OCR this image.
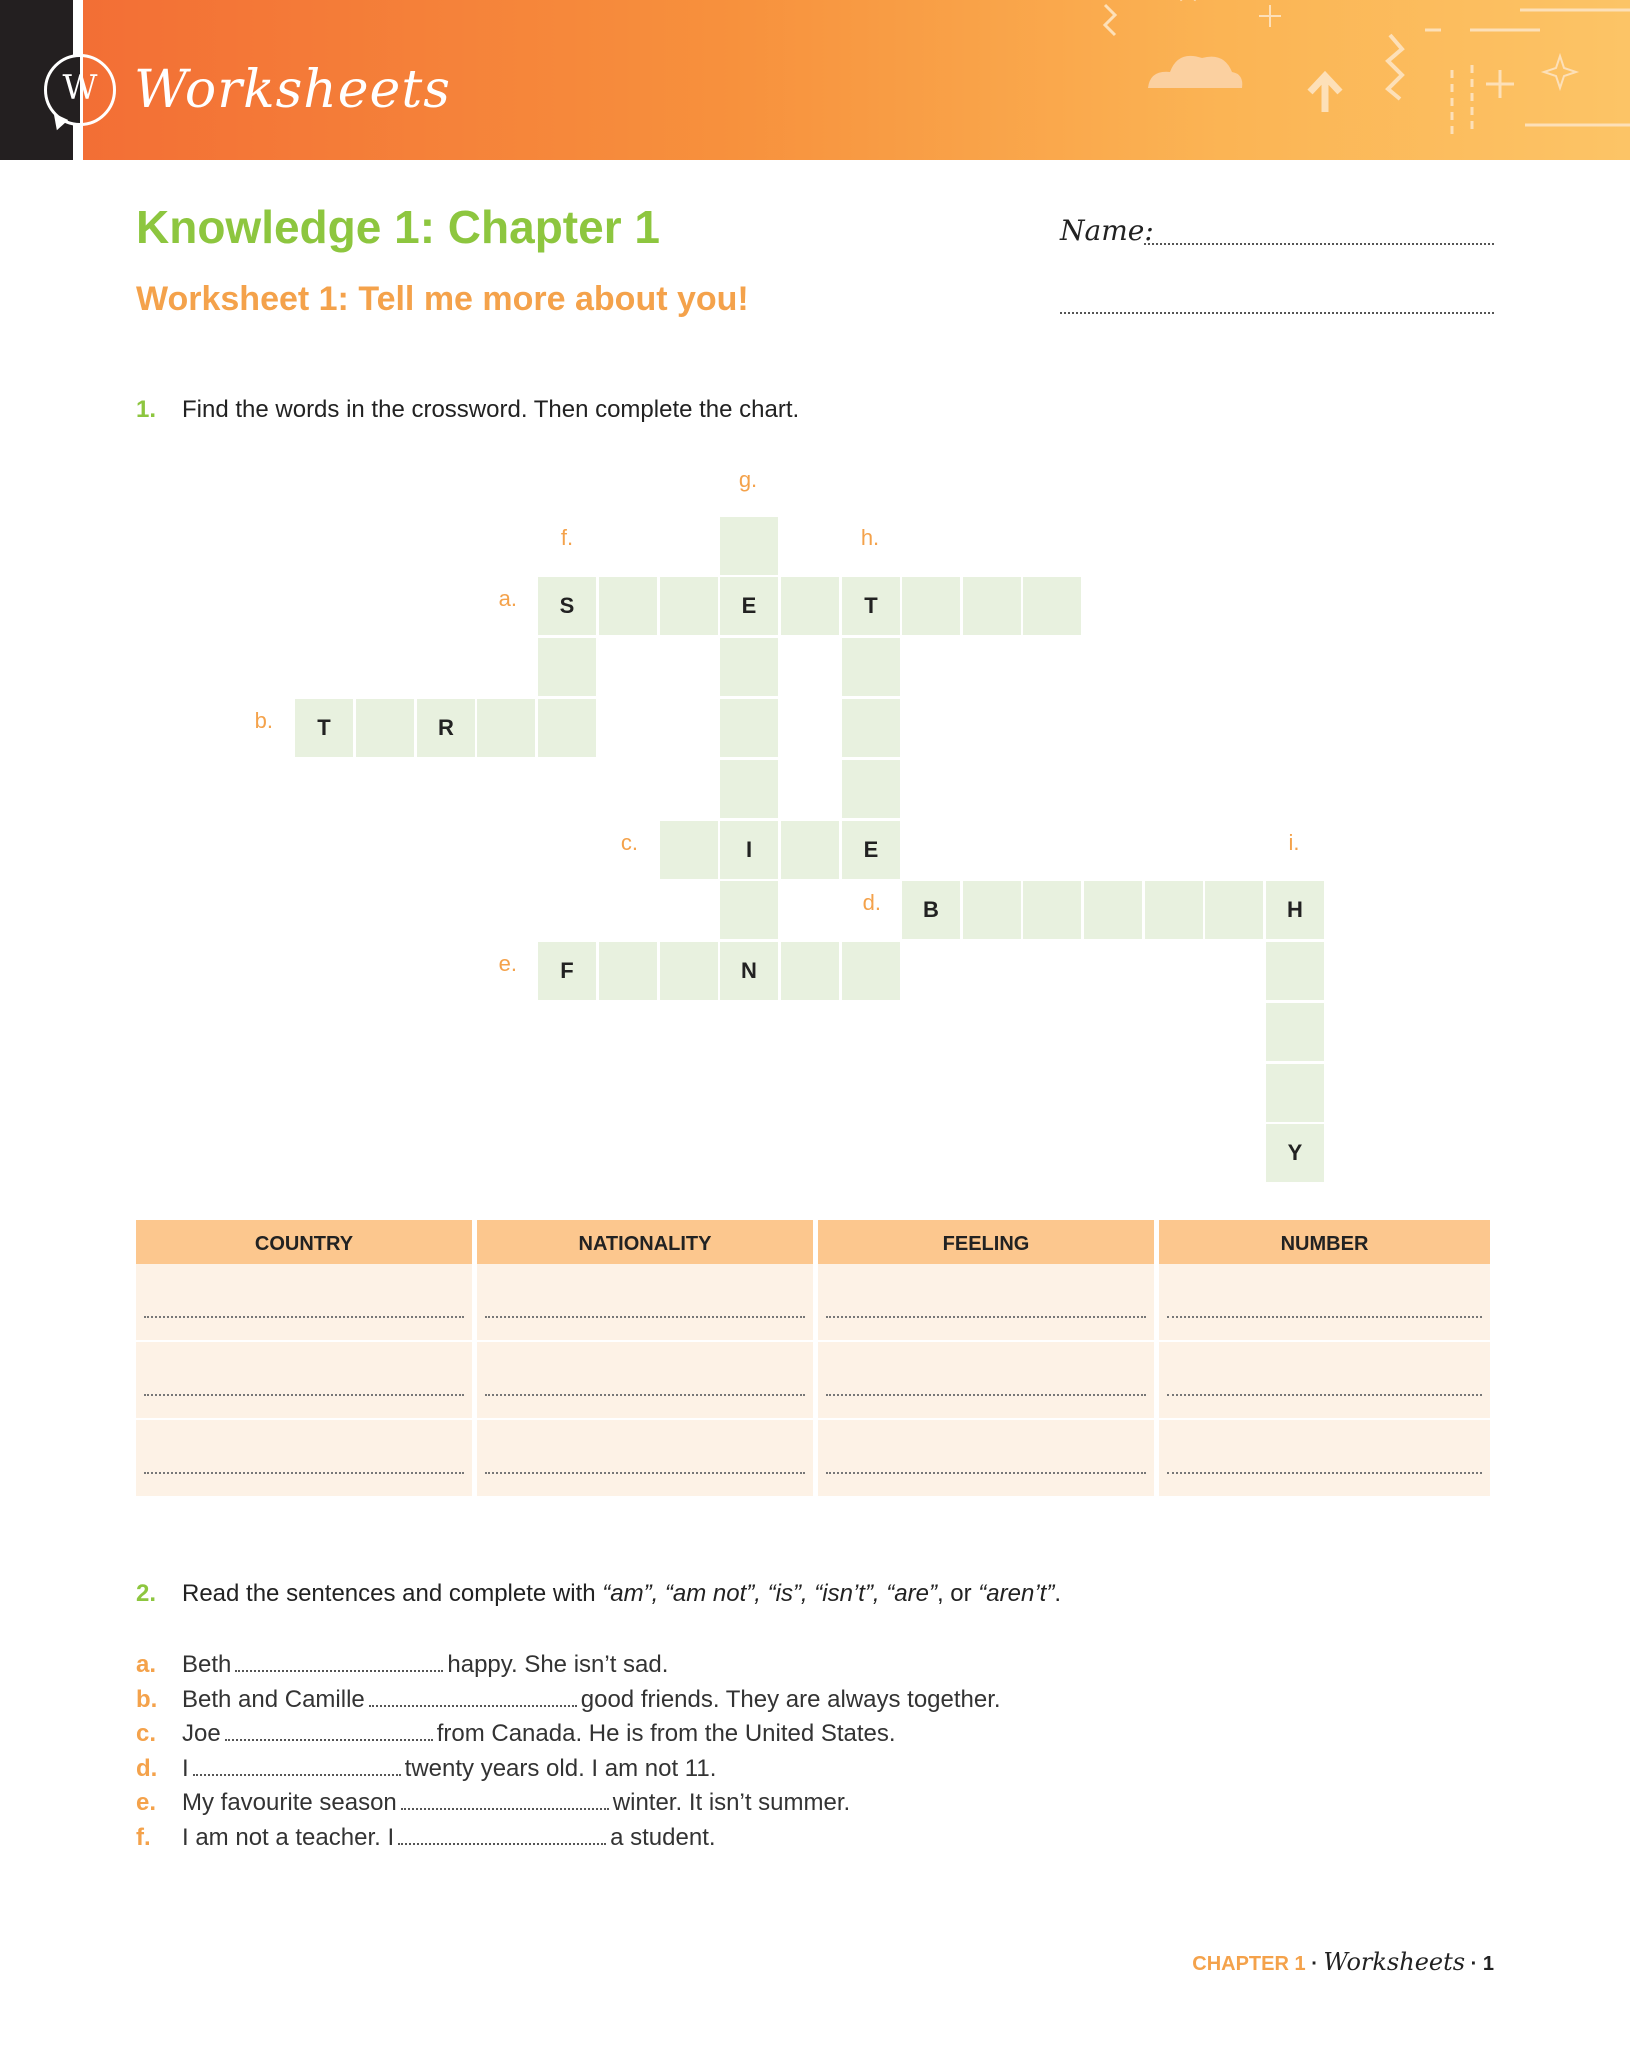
W Worksheets
Knowledge 1: Chapter 1
Worksheet 1: Tell me more about you!
Name:
1. Find the words in the crossword. Then complete the chart.
a.
b.
c.
d.
e.
f.
g.
h.
i.
S	E	T
T	R
I	E
B	H
F	N
Y
COUNTRY	NATIONALITY	FEELING	NUMBER
2. Read the sentences and complete with “am”, “am not”, “is”, “isn’t”, “are”, or “aren’t”.
a. Beth	happy. She isn’t sad.
b. Beth and Camille	good friends. They are always together.
c. Joe	from Canada. He is from the United States.
d. I	twenty years old. I am not 11.
e. My favourite season	winter. It isn’t summer.
f. I am not a teacher. I	a student.
CHAPTER 1 · Worksheets · 1
